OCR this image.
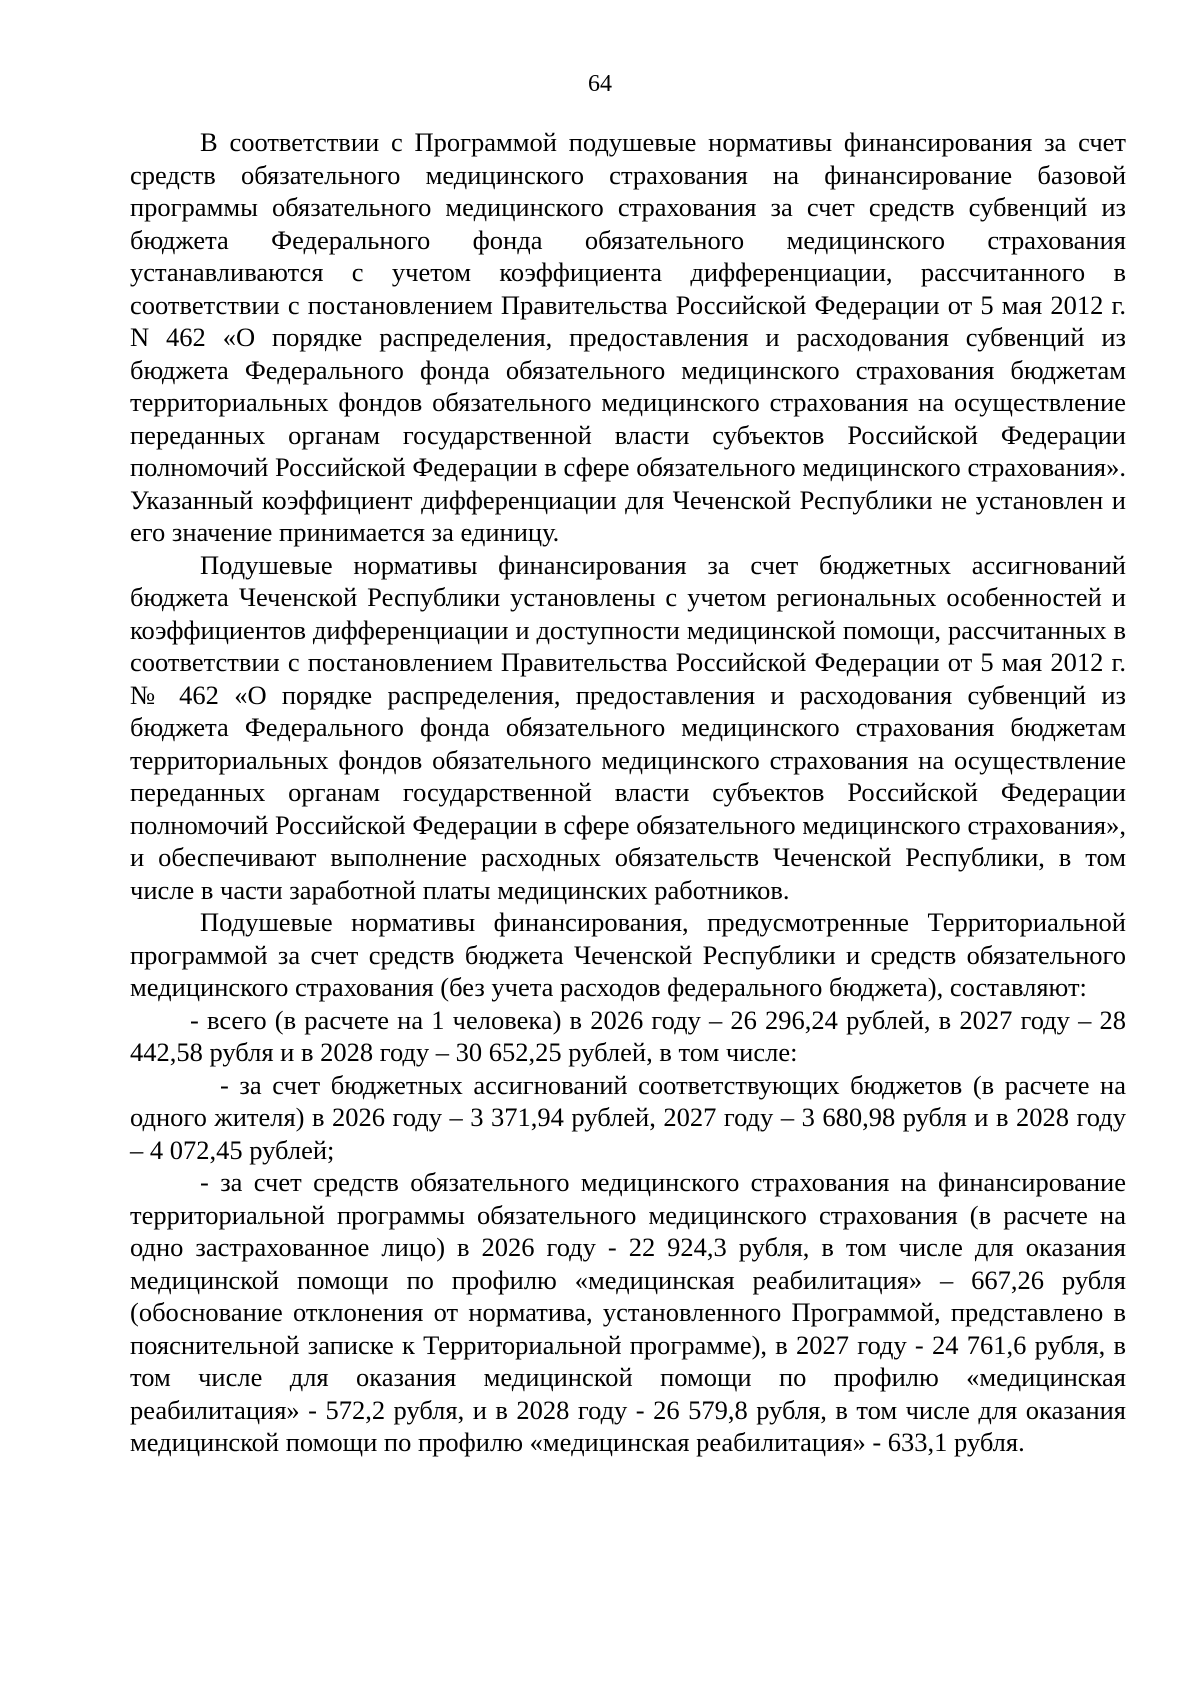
64

В соответствии с Программой подушевые нормативы финансирования за счет средств обязательного медицинского страхования на финансирование базовой программы обязательного медицинского страхования за счет средств субвенций из бюджета Федерального фонда обязательного медицинского страхования устанавливаются с учетом коэффициента дифференциации, рассчитанного в соответствии с постановлением Правительства Российской Федерации от 5 мая 2012 г. N 462 «О порядке распределения, предоставления и расходования субвенций из бюджета Федерального фонда обязательного медицинского страхования бюджетам территориальных фондов обязательного медицинского страхования на осуществление переданных органам государственной власти субъектов Российской Федерации полномочий Российской Федерации в сфере обязательного медицинского страхования». Указанный коэффициент дифференциации для Чеченской Республики не установлен и его значение принимается за единицу.

Подушевые нормативы финансирования за счет бюджетных ассигнований бюджета Чеченской Республики установлены с учетом региональных особенностей и коэффициентов дифференциации и доступности медицинской помощи, рассчитанных в соответствии с постановлением Правительства Российской Федерации от 5 мая 2012 г. № 462 «О порядке распределения, предоставления и расходования субвенций из бюджета Федерального фонда обязательного медицинского страхования бюджетам территориальных фондов обязательного медицинского страхования на осуществление переданных органам государственной власти субъектов Российской Федерации полномочий Российской Федерации в сфере обязательного медицинского страхования», и обеспечивают выполнение расходных обязательств Чеченской Республики, в том числе в части заработной платы медицинских работников.

Подушевые нормативы финансирования, предусмотренные Территориальной программой за счет средств бюджета Чеченской Республики и средств обязательного медицинского страхования (без учета расходов федерального бюджета), составляют:

- всего (в расчете на 1 человека) в 2026 году – 26 296,24 рублей, в 2027 году – 28 442,58 рубля и в 2028 году – 30 652,25 рублей, в том числе:

- за счет бюджетных ассигнований соответствующих бюджетов (в расчете на одного жителя) в 2026 году – 3 371,94 рублей, 2027 году – 3 680,98 рубля и в 2028 году – 4 072,45 рублей;

- за счет средств обязательного медицинского страхования на финансирование территориальной программы обязательного медицинского страхования (в расчете на одно застрахованное лицо) в 2026 году - 22 924,3 рубля, в том числе для оказания медицинской помощи по профилю «медицинская реабилитация» – 667,26 рубля (обоснование отклонения от норматива, установленного Программой, представлено в пояснительной записке к Территориальной программе), в 2027 году - 24 761,6 рубля, в том числе для оказания медицинской помощи по профилю «медицинская реабилитация» - 572,2 рубля, и в 2028 году - 26 579,8 рубля, в том числе для оказания медицинской помощи по профилю «медицинская реабилитация» - 633,1 рубля.
